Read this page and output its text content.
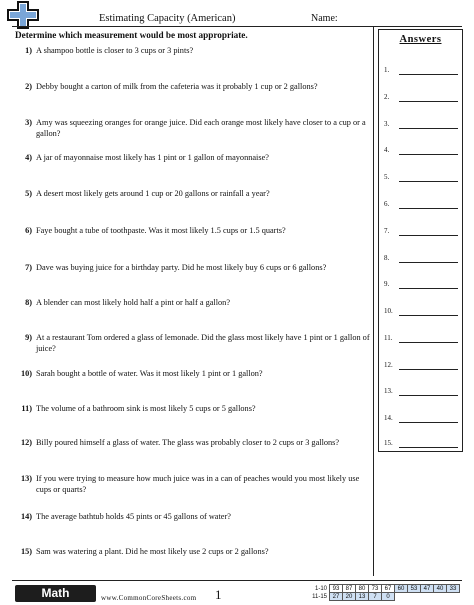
Estimating Capacity (American)	Name:
Determine which measurement would be most appropriate.	Answers
1.
2.
3.
4.
5.
6.
7.
8.
9.
10.
11.
12.
13.
14.
15.
1) A shampoo bottle is closer to 3 cups or 3 pints?
2) Debby bought a carton of milk from the cafeteria was it probably 1 cup or 2 gallons?
3) Amy was squeezing oranges for orange juice. Did each orange most likely have closer to a cup or a gallon?
4) A jar of mayonnaise most likely has 1 pint or 1 gallon of mayonnaise?
5) A desert most likely gets around 1 cup or 20 gallons or rainfall a year?
6) Faye bought a tube of toothpaste. Was it most likely 1.5 cups or 1.5 quarts?
7) Dave was buying juice for a birthday party. Did he most likely buy 6 cups or 6 gallons?
8) A blender can most likely hold half a pint or half a gallon?
9) At a restaurant Tom ordered a glass of lemonade. Did the glass most likely have 1 pint or 1 gallon of juice?
10) Sarah bought a bottle of water. Was it most likely 1 pint or 1 gallon?
11) The volume of a bathroom sink is most likely 5 cups or 5 gallons?
12) Billy poured himself a glass of water. The glass was probably closer to 2 cups or 3 gallons?
13) If you were trying to measure how much juice was in a can of peaches would you most likely use cups or quarts?
14) The average bathtub holds 45 pints or 45 gallons of water?
15) Sam was watering a plant. Did he most likely use 2 cups or 2 gallons?
Math	www.CommonCoreSheets.com 1	1-10	93	87	80	73	67	60	53	47	40	33
11-15	27	20	13	7	0					
